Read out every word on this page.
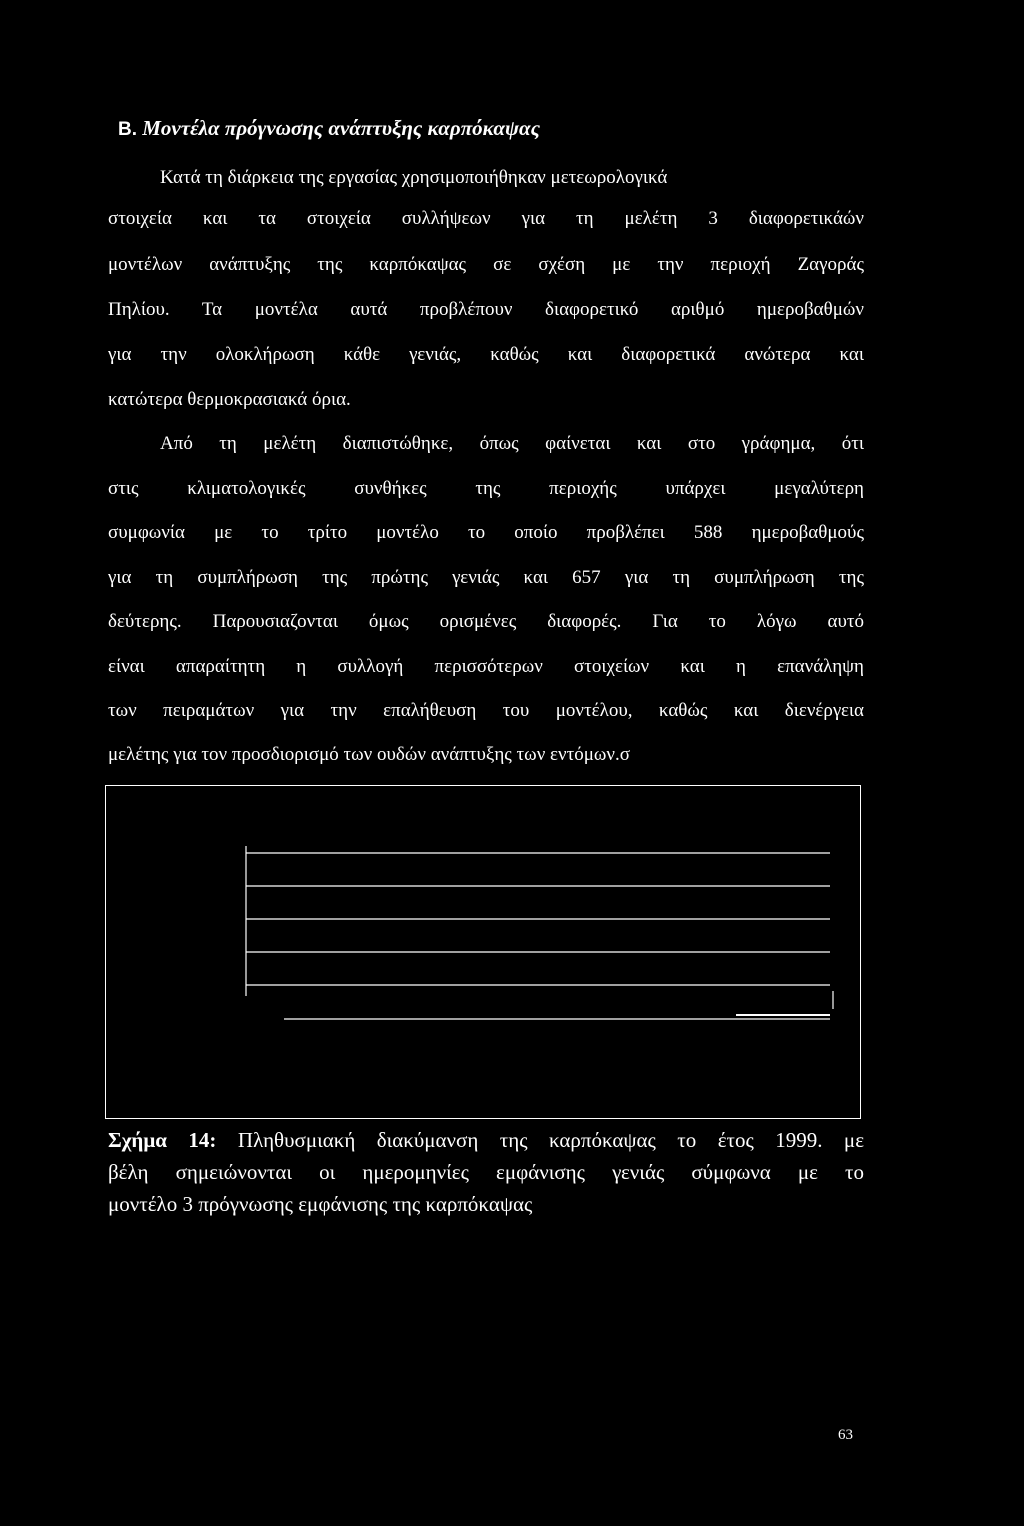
B. Μοντέλα πρόγνωσης ανάπτυξης καρπόκαψας
Κατά τη διάρκεια της εργασίας χρησιμοποιήθηκαν μετεωρολογικά
στοιχεία και τα στοιχεία συλλήψεων για τη μελέτη 3 διαφορετικάών
μοντέλων ανάπτυξης της καρπόκαψας σε σχέση με την περιοχή Ζαγοράς
Πηλίου. Τα μοντέλα αυτά προβλέπουν διαφορετικό αριθμό ημεροβαθμών
για την ολοκλήρωση κάθε γενιάς, καθώς και διαφορετικά ανώτερα και
κατώτερα θερμοκρασιακά όρια.
Από τη μελέτη διαπιστώθηκε, όπως φαίνεται και στο γράφημα, ότι
στις κλιματολογικές συνθήκες της περιοχής υπάρχει μεγαλύτερη
συμφωνία με το τρίτο μοντέλο το οποίο προβλέπει 588 ημεροβαθμούς
για τη συμπλήρωση της πρώτης γενιάς και 657 για τη συμπλήρωση της
δεύτερης. Παρουσιαζονται όμως ορισμένες διαφορές. Για το λόγω αυτό
είναι απαραίτητη η συλλογή περισσότερων στοιχείων και η επανάληψη
των πειραμάτων για την επαλήθευση του μοντέλου, καθώς και διενέργεια
μελέτης για τον προσδιορισμό των ουδών ανάπτυξης των εντόμων.σ
Σχήμα 14: Πληθυσμιακή διακύμανση της καρπόκαψας το έτος 1999. με
βέλη σημειώνονται οι ημερομηνίες εμφάνισης γενιάς σύμφωνα με το
μοντέλο 3 πρόγνωσης εμφάνισης της καρπόκαψας
63
